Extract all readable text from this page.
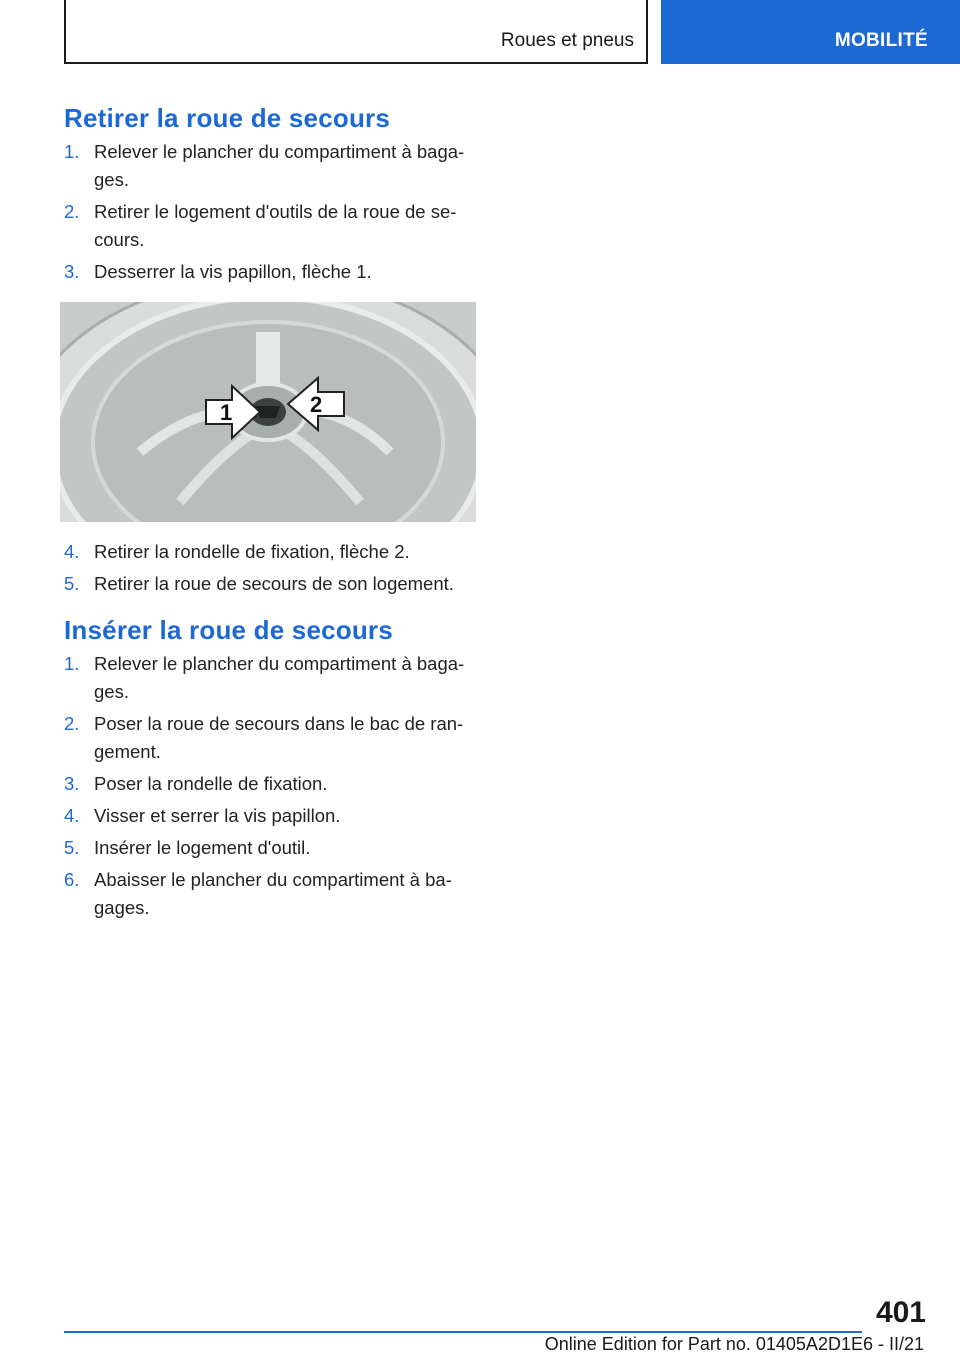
Roues et pneus	MOBILITÉ
Retirer la roue de secours
1. Relever le plancher du compartiment à baga-ges.
2. Retirer le logement d'outils de la roue de se-cours.
3. Desserrer la vis papillon, flèche 1.
1	2
4. Retirer la rondelle de fixation, flèche 2.
5. Retirer la roue de secours de son logement.
Insérer la roue de secours
1. Relever le plancher du compartiment à baga-ges.
2. Poser la roue de secours dans le bac de ran-gement.
3. Poser la rondelle de fixation.
4. Visser et serrer la vis papillon.
5. Insérer le logement d'outil.
6. Abaisser le plancher du compartiment à ba-gages.
401
Online Edition for Part no. 01405A2D1E6 - II/21
